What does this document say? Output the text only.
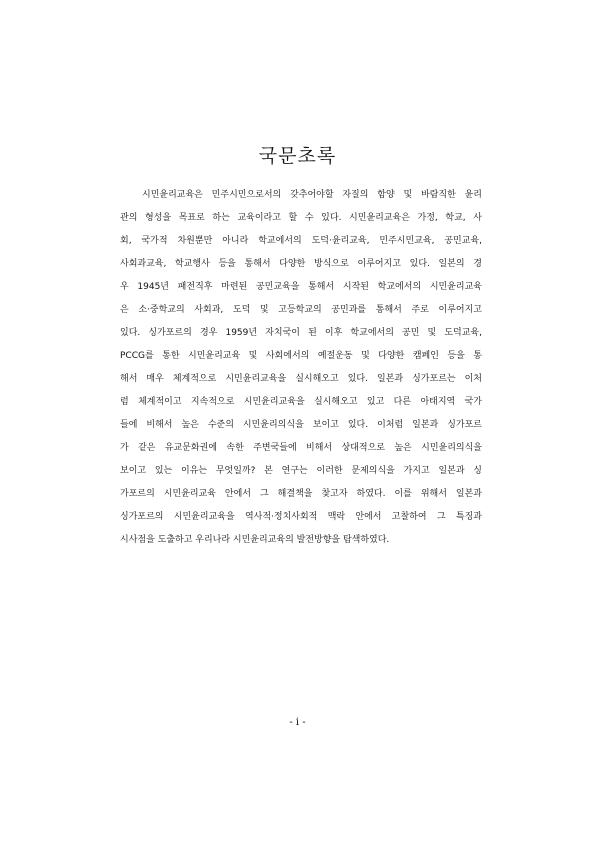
국문초록
시민윤리교육은 민주시민으로서의 갖추어야할 자질의 함양 및 바람직한 윤리
관의 형성을 목표로 하는 교육이라고 할 수 있다. 시민윤리교육은 가정, 학교, 사
회, 국가적 차원뿐만 아니라 학교에서의 도덕·윤리교육, 민주시민교육, 공민교육,
사회과교육, 학교행사 등을 통해서 다양한 방식으로 이루어지고 있다. 일본의 경
우 1945년 패전직후 마련된 공민교육을 통해서 시작된 학교에서의 시민윤리교육
은 소·중학교의 사회과, 도덕 및 고등학교의 공민과를 통해서 주로 이루어지고
있다. 싱가포르의 경우 1959년 자치국이 된 이후 학교에서의 공민 및 도덕교육,
PCCG를 통한 시민윤리교육 및 사회에서의 예절운동 및 다양한 캠페인 등을 통
해서 매우 체계적으로 시민윤리교육을 실시해오고 있다. 일본과 싱가포르는 이처
럼 체계적이고 지속적으로 시민윤리교육을 실시해오고 있고 다른 아태지역 국가
들에 비해서 높은 수준의 시민윤리의식을 보이고 있다. 이처럼 일본과 싱가포르
가 같은 유교문화권에 속한 주변국들에 비해서 상대적으로 높은 시민윤리의식을
보이고 있는 이유는 무엇일까? 본 연구는 이러한 문제의식을 가지고 일본과 싱
가포르의 시민윤리교육 안에서 그 해결책을 찾고자 하였다. 이를 위해서 일본과
싱가포르의 시민윤리교육을 역사적·정치사회적 맥락 안에서 고찰하여 그 특징과
시사점을 도출하고 우리나라 시민윤리교육의 발전방향을 탐색하였다.
- i -
